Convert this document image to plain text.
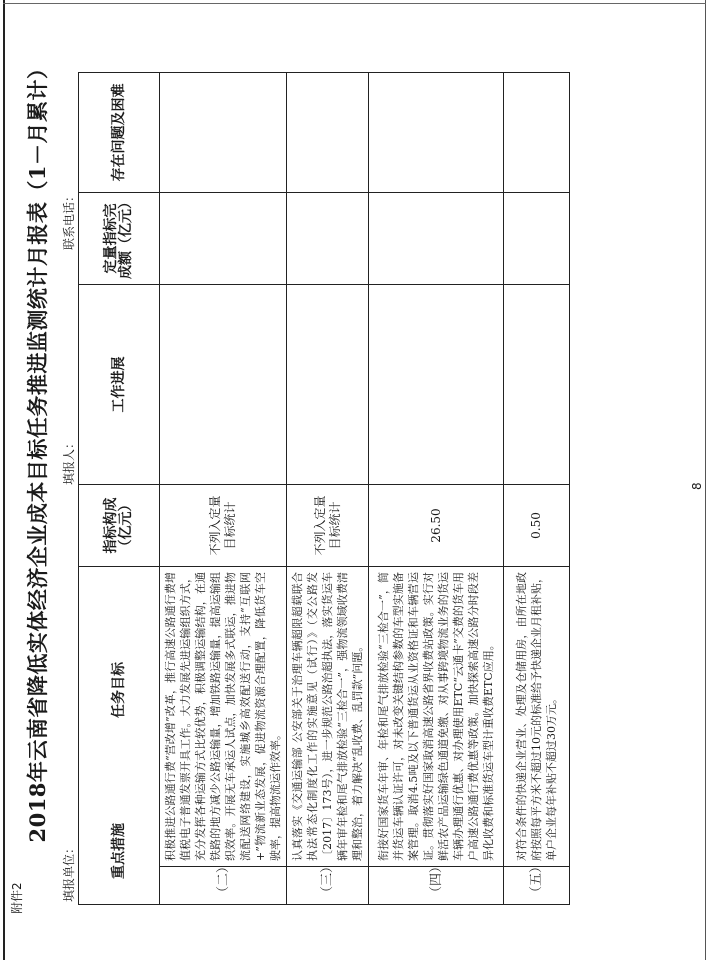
附件2
2018年云南省降低实体经济企业成本目标任务推进监测统计月报表（1－月累计）
填报单位：
填报人：
联系电话：
重点措施
任务目标		指标构成（亿元）	工作进展	定量指标完成额（亿元）	存在问题及困难
（二）	积极推进公路通行费“营改增”改革，推行高速公路通行费增值税电子普通发票开具工作。大力发展先进运输组织方式，充分发挥各种运输方式比较优势，积极调整运输结构，在通铁路的地方减少公路运输量，增加铁路运输量，提高运输组织效率。开展无车承运人试点，加快发展多式联运，推进物流配送网络建设，实施城乡高效配送行动，支持“互联网+”物流新业态发展，促进物流资源合理配置，降低货车空驶率，提高物流运作效率。	不列入定量目标统计			
（三）	认真落实《交通运输部 公安部关于治理车辆超限超载联合执法常态化制度化工作的实施意见（试行）》（交公路发〔2017〕173号），进一步规范公路治超执法，落实货运车辆年审年检和尾气排放检验“三检合一”，强物流领域收费清理和整治，着力解决“乱收费、乱罚款”问题。	不列入定量目标统计			
（四）	衔接好国家货车年审、年检和尾气排放检验“三检合一”，简并货运车辆认证许可，对未改变关键结构参数的车型实施备案管理。取消4.5吨及以下普通货运从业资格证和车辆营运证。贯彻落实好国家取消高速公路省界收费站政策。实行对鲜活农产品运输绿色通道免缴、对从事跨境物流业务的货运车辆办理通行优惠、对办理使用ETC“云通卡”交费的货车用户高速公路通行费优惠等政策。加快探索高速公路分时段差异化收费和标准货运车型计重收费ETC应用。	26.50			
（五）	对符合条件的快递企业营业、处理及仓储用房，由所在地政府按照每平方米不超过10元的标准给予快递企业月租补贴，单户企业每年补贴不超过30万元。	0.50			
8
